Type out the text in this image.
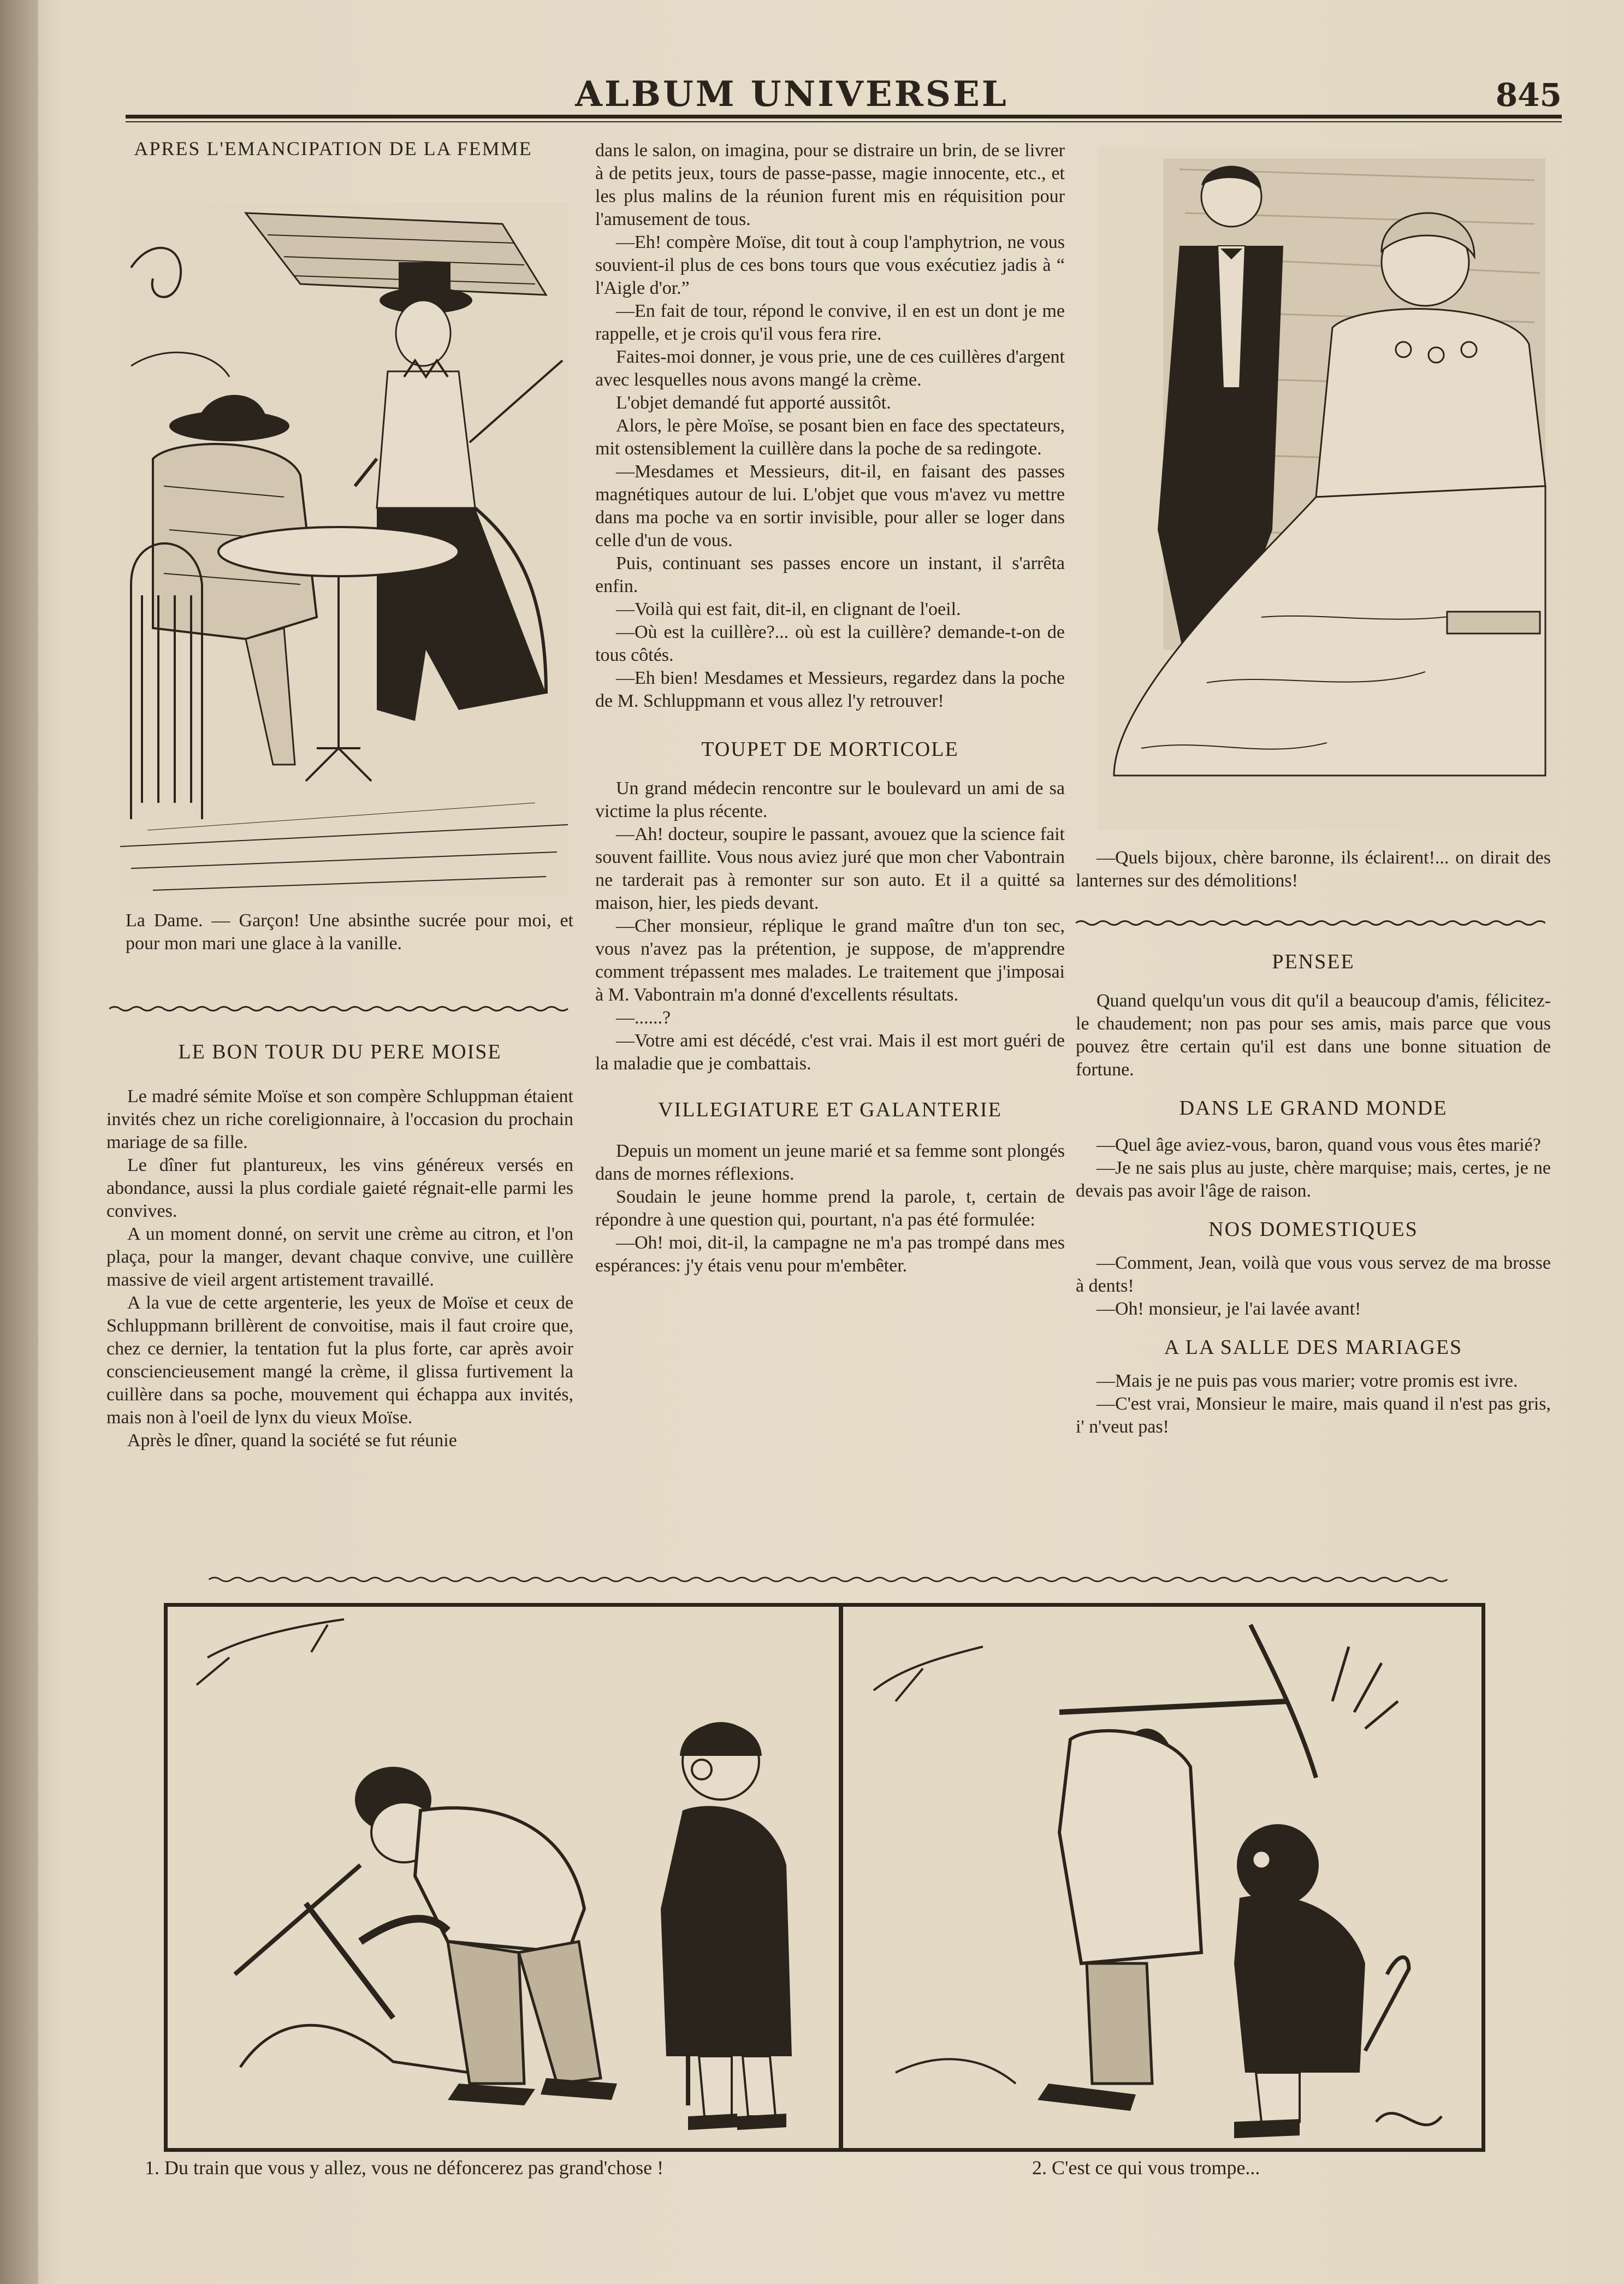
ALBUM UNIVERSEL	845

APRES L'EMANCIPATION DE LA FEMME

La Dame. — Garçon! Une absinthe sucrée pour moi, et pour mon mari une glace à la vanille.

LE BON TOUR DU PERE MOISE

Le madré sémite Moïse et son compère Schluppman étaient invités chez un riche coreligionnaire, à l'occasion du prochain mariage de sa fille.

Le dîner fut plantureux, les vins généreux versés en abondance, aussi la plus cordiale gaieté régnait-elle parmi les convives.

A un moment donné, on servit une crème au citron, et l'on plaça, pour la manger, devant chaque convive, une cuillère massive de vieil argent artistement travaillé.

A la vue de cette argenterie, les yeux de Moïse et ceux de Schluppmann brillèrent de convoitise, mais il faut croire que, chez ce dernier, la tentation fut la plus forte, car après avoir consciencieusement mangé la crème, il glissa furtivement la cuillère dans sa poche, mouvement qui échappa aux invités, mais non à l'oeil de lynx du vieux Moïse.

Après le dîner, quand la société se fut réunie

dans le salon, on imagina, pour se distraire un brin, de se livrer à de petits jeux, tours de passe-passe, magie innocente, etc., et les plus malins de la réunion furent mis en réquisition pour l'amusement de tous.

—Eh! compère Moïse, dit tout à coup l'amphytrion, ne vous souvient-il plus de ces bons tours que vous exécutiez jadis à “ l'Aigle d'or.”

—En fait de tour, répond le convive, il en est un dont je me rappelle, et je crois qu'il vous fera rire.

Faites-moi donner, je vous prie, une de ces cuillères d'argent avec lesquelles nous avons mangé la crème.

L'objet demandé fut apporté aussitôt.

Alors, le père Moïse, se posant bien en face des spectateurs, mit ostensiblement la cuillère dans la poche de sa redingote.

—Mesdames et Messieurs, dit-il, en faisant des passes magnétiques autour de lui. L'objet que vous m'avez vu mettre dans ma poche va en sortir invisible, pour aller se loger dans celle d'un de vous.

Puis, continuant ses passes encore un instant, il s'arrêta enfin.

—Voilà qui est fait, dit-il, en clignant de l'oeil.

—Où est la cuillère?... où est la cuillère? demande-t-on de tous côtés.

—Eh bien! Mesdames et Messieurs, regardez dans la poche de M. Schluppmann et vous allez l'y retrouver!

TOUPET DE MORTICOLE

Un grand médecin rencontre sur le boulevard un ami de sa victime la plus récente.

—Ah! docteur, soupire le passant, avouez que la science fait souvent faillite. Vous nous aviez juré que mon cher Vabontrain ne tarderait pas à remonter sur son auto. Et il a quitté sa maison, hier, les pieds devant.

—Cher monsieur, réplique le grand maître d'un ton sec, vous n'avez pas la prétention, je suppose, de m'apprendre comment trépassent mes malades. Le traitement que j'imposai à M. Vabontrain m'a donné d'excellents résultats.

—......?

—Votre ami est décédé, c'est vrai. Mais il est mort guéri de la maladie que je combattais.

VILLEGIATURE ET GALANTERIE

Depuis un moment un jeune marié et sa femme sont plongés dans de mornes réflexions.

Soudain le jeune homme prend la parole, t, certain de répondre à une question qui, pourtant, n'a pas été formulée:

—Oh! moi, dit-il, la campagne ne m'a pas trompé dans mes espérances: j'y étais venu pour m'embêter.

—Quels bijoux, chère baronne, ils éclairent!... on dirait des lanternes sur des démolitions!

PENSEE

Quand quelqu'un vous dit qu'il a beaucoup d'amis, félicitez-le chaudement; non pas pour ses amis, mais parce que vous pouvez être certain qu'il est dans une bonne situation de fortune.

DANS LE GRAND MONDE

—Quel âge aviez-vous, baron, quand vous vous êtes marié?

—Je ne sais plus au juste, chère marquise; mais, certes, je ne devais pas avoir l'âge de raison.

NOS DOMESTIQUES

—Comment, Jean, voilà que vous vous servez de ma brosse à dents!

—Oh! monsieur, je l'ai lavée avant!

A LA SALLE DES MARIAGES

—Mais je ne puis pas vous marier; votre promis est ivre.

—C'est vrai, Monsieur le maire, mais quand il n'est pas gris, i' n'veut pas!

1. Du train que vous y allez, vous ne défoncerez pas grand'chose !	2. C'est ce qui vous trompe...
